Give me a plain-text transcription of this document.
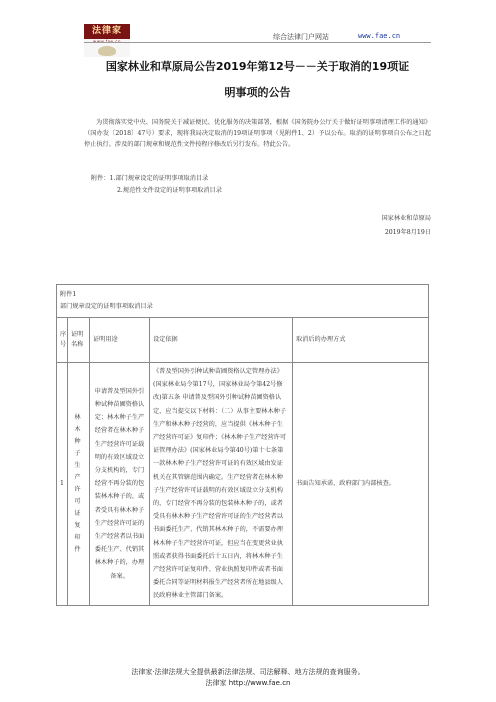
法律家
www.fae.cn
综合法律门户网站	www.fae.cn
国家林业和草原局公告2019年第12号－－关于取消的19项证
明事项的公告
为贯彻落实党中央、国务院关于减证便民、优化服务的决策部署，根据《国务院办公厅关于做好证明事项清理工作的通知》（国办发〔2018〕47号）要求，现将我局决定取消的19项证明事项（见附件1、2）予以公布。取消的证明事项自公布之日起停止执行。涉及的部门规章和规范性文件按程序修改后另行发布。特此公告。
附件：1.部门规章设定的证明事项取消目录
2.规范性文件设定的证明事项取消目录
国家林业和草原局
2019年8月19日
附件1
部门规章设定的证明事项取消目录				

序号	证明名称	证明用途	设定依据	取消后的办理方式
1	林木种子生产许可证复印件	申请普及型国外引种试种苗圃资格认定；林木种子生产经营者在林木种子生产经营许可证载明的有效区域设立分支机构的，专门经营不再分装的包装林木种子的，或者受具有林木种子生产经营许可证的生产经营者以书面委托生产、代销其林木种子的，办理备案。	《普及型国外引种试种苗圃资格认定管理办法》(国家林业局令第17号，国家林业局令第42号修改)第五条 申请普及型国外引种试种苗圃资格认定，应当提交以下材料：（二）从事主要林木种子生产和林木种子经营的，应当提供《林木种子生产经营许可证》复印件；《林木种子生产经营许可证管理办法》(国家林业局令第40号)第十七条第一款林木种子生产经营许可证的有效区域由发证机关在其管辖范围内确定。生产经营者在林木种子生产经营许可证载明的有效区域设立分支机构的，专门经营不再分装的包装林木种子的，或者受具有林木种子生产经营许可证的生产经营者以书面委托生产、代销其林木种子的，不需要办理林木种子生产经营许可证，但应当在变更营业执照或者获得书面委托后十五日内，将林木种子生产经营许可证复印件、营业执照复印件或者书面委托合同等证明材料报生产经营者所在地县级人民政府林业主管部门备案。	书面告知承诺、政府部门内部核查。
法律家·法律法规大全提供最新法律法规、司法解释、地方法规的查询服务。
法律家 http://www.fae.cn
